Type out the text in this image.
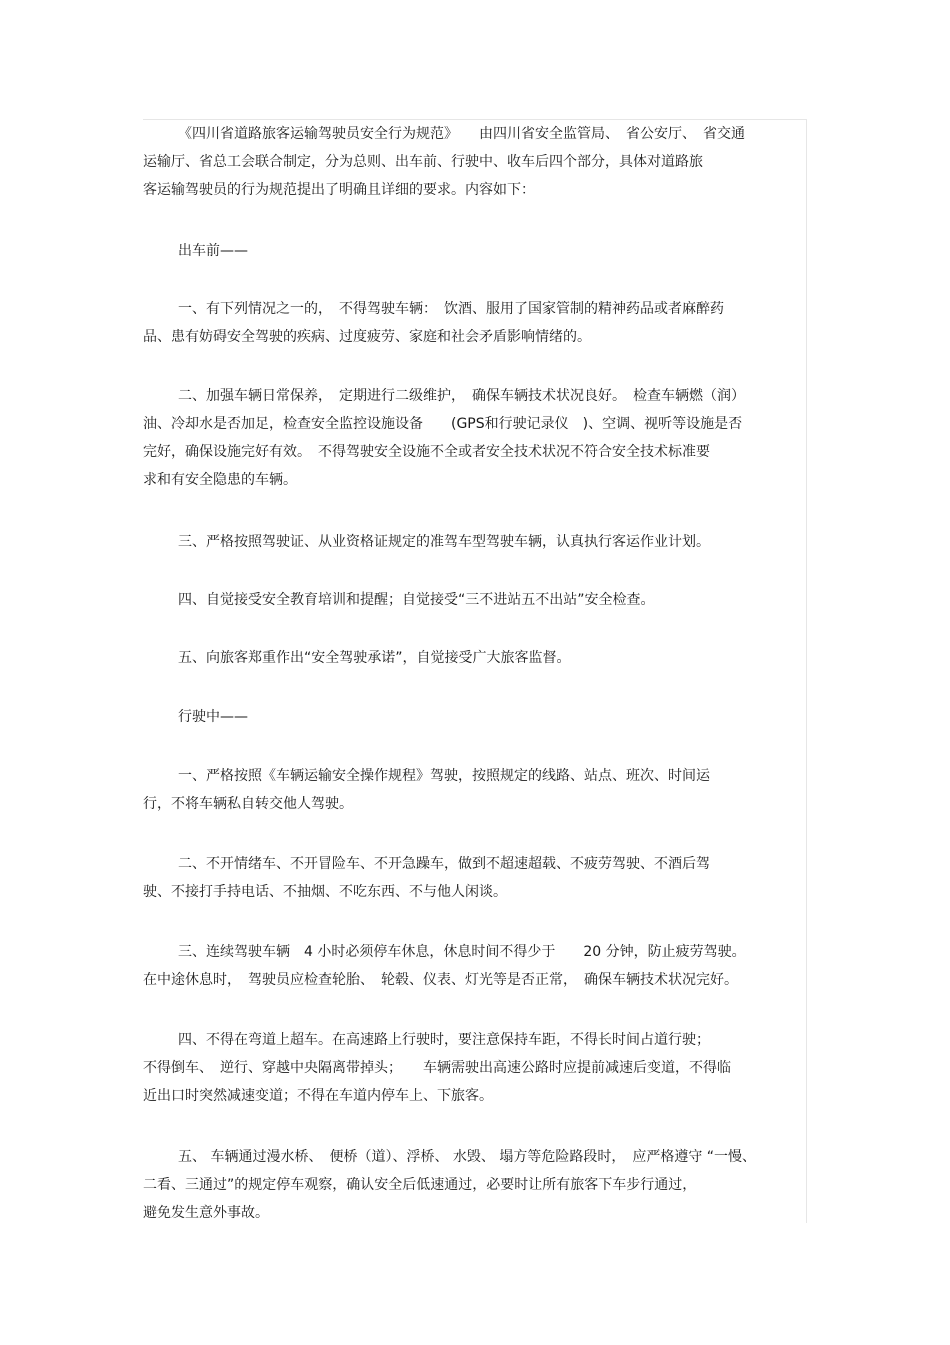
《四川省道路旅客运输驾驶员安全行为规范》　　由四川省安全监管局、　省公安厅、　省交通
运输厅、省总工会联合制定，分为总则、出车前、行驶中、收车后四个部分，具体对道路旅
客运输驾驶员的行为规范提出了明确且详细的要求。内容如下：
出车前——
一、有下列情况之一的，　不得驾驶车辆：　饮酒、服用了国家管制的精神药品或者麻醉药
品、患有妨碍安全驾驶的疾病、过度疲劳、家庭和社会矛盾影响情绪的。
二、加强车辆日常保养，　定期进行二级维护，　确保车辆技术状况良好。　检查车辆燃（润）
油、冷却水是否加足，检查安全监控设施设备　　(GPS和行驶记录仪　)、空调、视听等设施是否
完好，确保设施完好有效。　不得驾驶安全设施不全或者安全技术状况不符合安全技术标准要
求和有安全隐患的车辆。
三、严格按照驾驶证、从业资格证规定的准驾车型驾驶车辆，认真执行客运作业计划。
四、自觉接受安全教育培训和提醒；自觉接受“三不进站五不出站”安全检查。
五、向旅客郑重作出“安全驾驶承诺”，自觉接受广大旅客监督。
行驶中——
一、严格按照《车辆运输安全操作规程》驾驶，按照规定的线路、站点、班次、时间运
行，不将车辆私自转交他人驾驶。
二、不开情绪车、不开冒险车、不开急躁车，做到不超速超载、不疲劳驾驶、不酒后驾
驶、不接打手持电话、不抽烟、不吃东西、不与他人闲谈。
三、连续驾驶车辆　4 小时必须停车休息，休息时间不得少于　　20 分钟，防止疲劳驾驶。
在中途休息时，　驾驶员应检查轮胎、　轮毂、仪表、灯光等是否正常，　确保车辆技术状况完好。
四、不得在弯道上超车。在高速路上行驶时，要注意保持车距，不得长时间占道行驶；
不得倒车、　逆行、穿越中央隔离带掉头；　　车辆需驶出高速公路时应提前减速后变道，不得临
近出口时突然减速变道；不得在车道内停车上、下旅客。
五、 车辆通过漫水桥、　便桥（道）、浮桥、 水毁、 塌方等危险路段时，　应严格遵守 “一慢、
二看、三通过”的规定停车观察，确认安全后低速通过，必要时让所有旅客下车步行通过，
避免发生意外事故。
